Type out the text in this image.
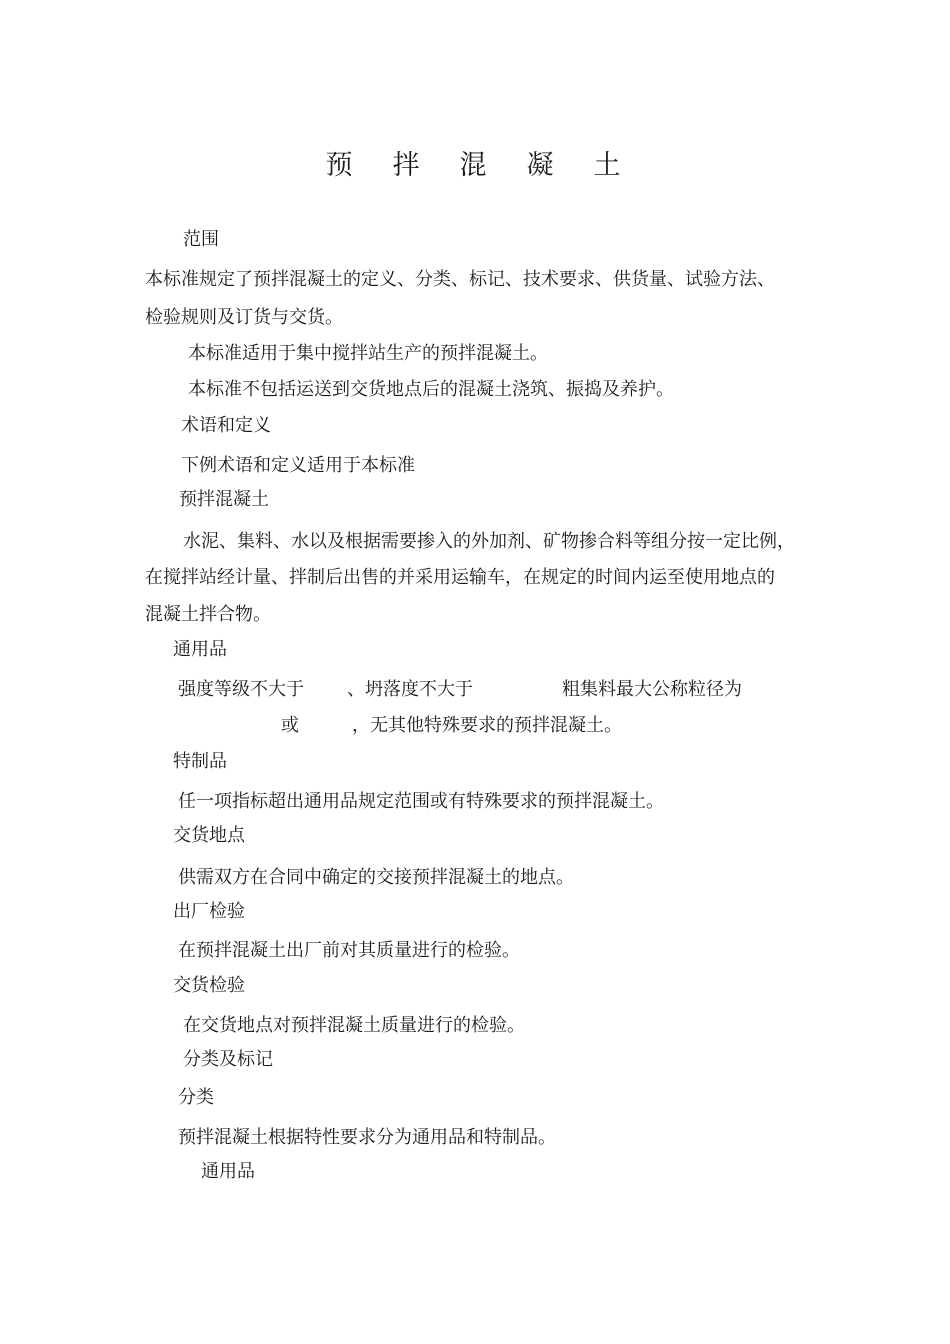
预拌混凝土
范围
本标准规定了预拌混凝土的定义、分类、标记、技术要求、供货量、试验方法、
检验规则及订货与交货。
本标准适用于集中搅拌站生产的预拌混凝土。
本标准不包括运送到交货地点后的混凝土浇筑、振捣及养护。
术语和定义
下例术语和定义适用于本标准
预拌混凝土
水泥、集料、水以及根据需要掺入的外加剂、矿物掺合料等组分按一定比例，
在搅拌站经计量、拌制后出售的并采用运输车，在规定的时间内运至使用地点的
混凝土拌合物。
通用品
强度等级不大于 、坍落度不大于	粗集料最大公称粒径为
或	，无其他特殊要求的预拌混凝土。
特制品
任一项指标超出通用品规定范围或有特殊要求的预拌混凝土。
交货地点
供需双方在合同中确定的交接预拌混凝土的地点。
出厂检验
在预拌混凝土出厂前对其质量进行的检验。
交货检验
在交货地点对预拌混凝土质量进行的检验。
分类及标记
分类
预拌混凝土根据特性要求分为通用品和特制品。
通用品
